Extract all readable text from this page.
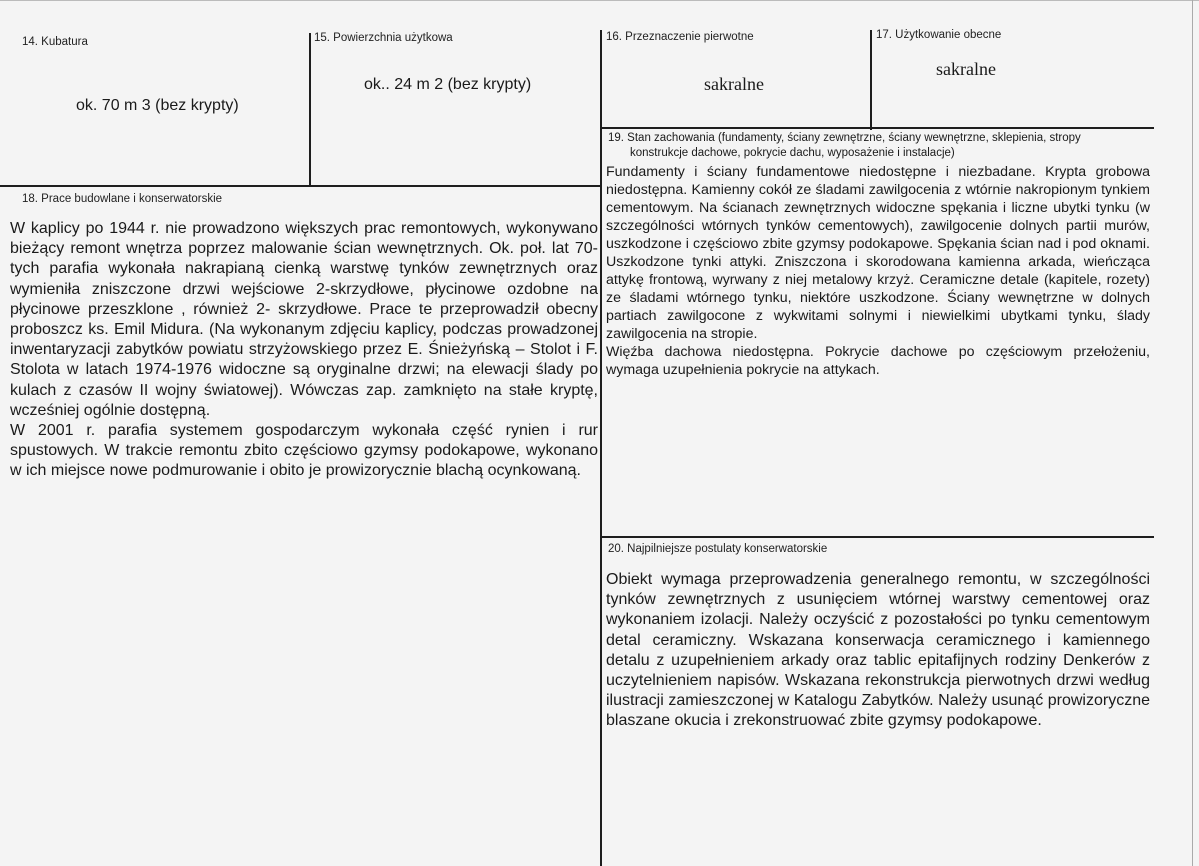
14. Kubatura
ok. 70 m 3 (bez krypty)
15. Powierzchnia użytkowa
ok.. 24 m 2 (bez krypty)
16. Przeznaczenie pierwotne
sakralne
17. Użytkowanie obecne
sakralne
18. Prace budowlane i konserwatorskie
W kaplicy po 1944 r. nie prowadzono większych prac remontowych, wykonywano bieżący remont wnętrza poprzez malowanie ścian wewnętrznych. Ok. poł. lat 70-tych parafia wykonała nakrapianą cienką warstwę tynków zewnętrznych oraz wymieniła zniszczone drzwi wejściowe 2-skrzydłowe, płycinowe ozdobne na płycinowe przeszklone , również 2- skrzydłowe. Prace te przeprowadził obecny proboszcz ks. Emil Midura. (Na wykonanym zdjęciu kaplicy, podczas prowadzonej inwentaryzacji zabytków powiatu strzyżowskiego przez E. Śnieżyńską – Stolot i F. Stolota w latach 1974-1976 widoczne są oryginalne drzwi; na elewacji ślady po kulach z czasów II wojny światowej). Wówczas zap. zamknięto na stałe kryptę, wcześniej ogólnie dostępną.
W 2001 r. parafia systemem gospodarczym wykonała część rynien i rur spustowych. W trakcie remontu zbito częściowo gzymsy podokapowe, wykonano w ich miejsce nowe podmurowanie i obito je prowizorycznie blachą ocynkowaną.
19. Stan zachowania (fundamenty, ściany zewnętrzne, ściany wewnętrzne, sklepienia, stropy
konstrukcje dachowe, pokrycie dachu, wyposażenie i instalacje)
Fundamenty i ściany fundamentowe niedostępne i niezbadane. Krypta grobowa niedostępna. Kamienny cokół ze śladami zawilgocenia z wtórnie nakropionym tynkiem cementowym. Na ścianach zewnętrznych widoczne spękania i liczne ubytki tynku (w szczególności wtórnych tynków cementowych), zawilgocenie dolnych partii murów, uszkodzone i częściowo zbite gzymsy podokapowe. Spękania ścian nad i pod oknami. Uszkodzone tynki attyki. Zniszczona i skorodowana kamienna arkada, wieńcząca attykę frontową, wyrwany z niej metalowy krzyż. Ceramiczne detale (kapitele, rozety) ze śladami wtórnego tynku, niektóre uszkodzone. Ściany wewnętrzne w dolnych partiach zawilgocone z wykwitami solnymi i niewielkimi ubytkami tynku, ślady zawilgocenia na stropie.
Więźba dachowa niedostępna. Pokrycie dachowe po częściowym przełożeniu, wymaga uzupełnienia pokrycie na attykach.
20. Najpilniejsze postulaty konserwatorskie
Obiekt wymaga przeprowadzenia generalnego remontu, w szczególności tynków zewnętrznych z usunięciem wtórnej warstwy cementowej oraz wykonaniem izolacji. Należy oczyścić z pozostałości po tynku cementowym detal ceramiczny. Wskazana konserwacja ceramicznego i kamiennego detalu z uzupełnieniem arkady oraz tablic epitafijnych rodziny Denkerów z uczytelnieniem napisów. Wskazana rekonstrukcja pierwotnych drzwi według ilustracji zamieszczonej w Katalogu Zabytków. Należy usunąć prowizoryczne blaszane okucia i zrekonstruować zbite gzymsy podokapowe.
